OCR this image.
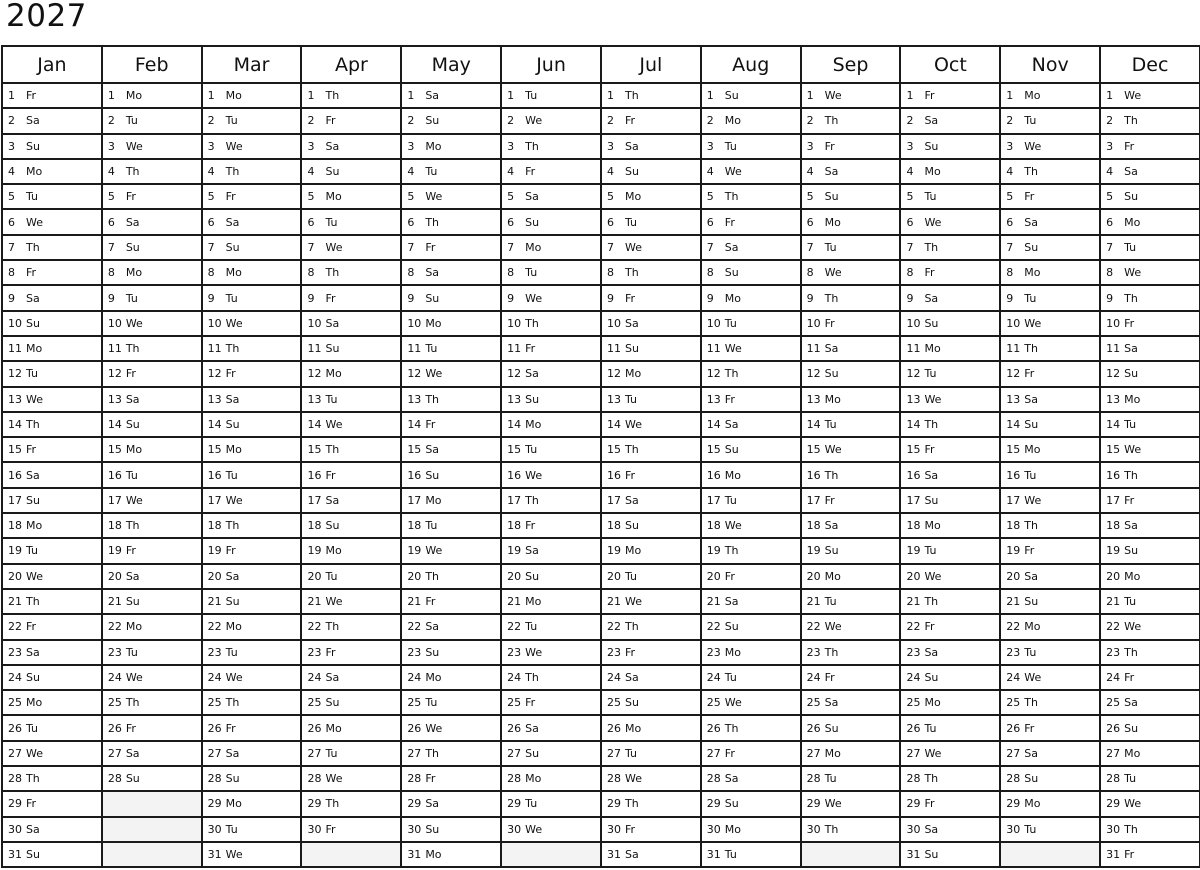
2027
Jan	Feb	Mar	Apr	May	Jun	Jul	Aug	Sep	Oct	Nov	Dec
1 Fr	1 Mo	1 Mo	1 Th	1 Sa	1 Tu	1 Th	1 Su	1 We	1 Fr	1 Mo	1 We
2 Sa	2 Tu	2 Tu	2 Fr	2 Su	2 We	2 Fr	2 Mo	2 Th	2 Sa	2 Tu	2 Th
3 Su	3 We	3 We	3 Sa	3 Mo	3 Th	3 Sa	3 Tu	3 Fr	3 Su	3 We	3 Fr
4 Mo	4 Th	4 Th	4 Su	4 Tu	4 Fr	4 Su	4 We	4 Sa	4 Mo	4 Th	4 Sa
5 Tu	5 Fr	5 Fr	5 Mo	5 We	5 Sa	5 Mo	5 Th	5 Su	5 Tu	5 Fr	5 Su
6 We	6 Sa	6 Sa	6 Tu	6 Th	6 Su	6 Tu	6 Fr	6 Mo	6 We	6 Sa	6 Mo
7 Th	7 Su	7 Su	7 We	7 Fr	7 Mo	7 We	7 Sa	7 Tu	7 Th	7 Su	7 Tu
8 Fr	8 Mo	8 Mo	8 Th	8 Sa	8 Tu	8 Th	8 Su	8 We	8 Fr	8 Mo	8 We
9 Sa	9 Tu	9 Tu	9 Fr	9 Su	9 We	9 Fr	9 Mo	9 Th	9 Sa	9 Tu	9 Th
10 Su	10 We	10 We	10 Sa	10 Mo	10 Th	10 Sa	10 Tu	10 Fr	10 Su	10 We	10 Fr
11 Mo	11 Th	11 Th	11 Su	11 Tu	11 Fr	11 Su	11 We	11 Sa	11 Mo	11 Th	11 Sa
12 Tu	12 Fr	12 Fr	12 Mo	12 We	12 Sa	12 Mo	12 Th	12 Su	12 Tu	12 Fr	12 Su
13 We	13 Sa	13 Sa	13 Tu	13 Th	13 Su	13 Tu	13 Fr	13 Mo	13 We	13 Sa	13 Mo
14 Th	14 Su	14 Su	14 We	14 Fr	14 Mo	14 We	14 Sa	14 Tu	14 Th	14 Su	14 Tu
15 Fr	15 Mo	15 Mo	15 Th	15 Sa	15 Tu	15 Th	15 Su	15 We	15 Fr	15 Mo	15 We
16 Sa	16 Tu	16 Tu	16 Fr	16 Su	16 We	16 Fr	16 Mo	16 Th	16 Sa	16 Tu	16 Th
17 Su	17 We	17 We	17 Sa	17 Mo	17 Th	17 Sa	17 Tu	17 Fr	17 Su	17 We	17 Fr
18 Mo	18 Th	18 Th	18 Su	18 Tu	18 Fr	18 Su	18 We	18 Sa	18 Mo	18 Th	18 Sa
19 Tu	19 Fr	19 Fr	19 Mo	19 We	19 Sa	19 Mo	19 Th	19 Su	19 Tu	19 Fr	19 Su
20 We	20 Sa	20 Sa	20 Tu	20 Th	20 Su	20 Tu	20 Fr	20 Mo	20 We	20 Sa	20 Mo
21 Th	21 Su	21 Su	21 We	21 Fr	21 Mo	21 We	21 Sa	21 Tu	21 Th	21 Su	21 Tu
22 Fr	22 Mo	22 Mo	22 Th	22 Sa	22 Tu	22 Th	22 Su	22 We	22 Fr	22 Mo	22 We
23 Sa	23 Tu	23 Tu	23 Fr	23 Su	23 We	23 Fr	23 Mo	23 Th	23 Sa	23 Tu	23 Th
24 Su	24 We	24 We	24 Sa	24 Mo	24 Th	24 Sa	24 Tu	24 Fr	24 Su	24 We	24 Fr
25 Mo	25 Th	25 Th	25 Su	25 Tu	25 Fr	25 Su	25 We	25 Sa	25 Mo	25 Th	25 Sa
26 Tu	26 Fr	26 Fr	26 Mo	26 We	26 Sa	26 Mo	26 Th	26 Su	26 Tu	26 Fr	26 Su
27 We	27 Sa	27 Sa	27 Tu	27 Th	27 Su	27 Tu	27 Fr	27 Mo	27 We	27 Sa	27 Mo
28 Th	28 Su	28 Su	28 We	28 Fr	28 Mo	28 We	28 Sa	28 Tu	28 Th	28 Su	28 Tu
29 Fr		29 Mo	29 Th	29 Sa	29 Tu	29 Th	29 Su	29 We	29 Fr	29 Mo	29 We
30 Sa		30 Tu	30 Fr	30 Su	30 We	30 Fr	30 Mo	30 Th	30 Sa	30 Tu	30 Th
31 Su		31 We		31 Mo		31 Sa	31 Tu		31 Su		31 Fr
